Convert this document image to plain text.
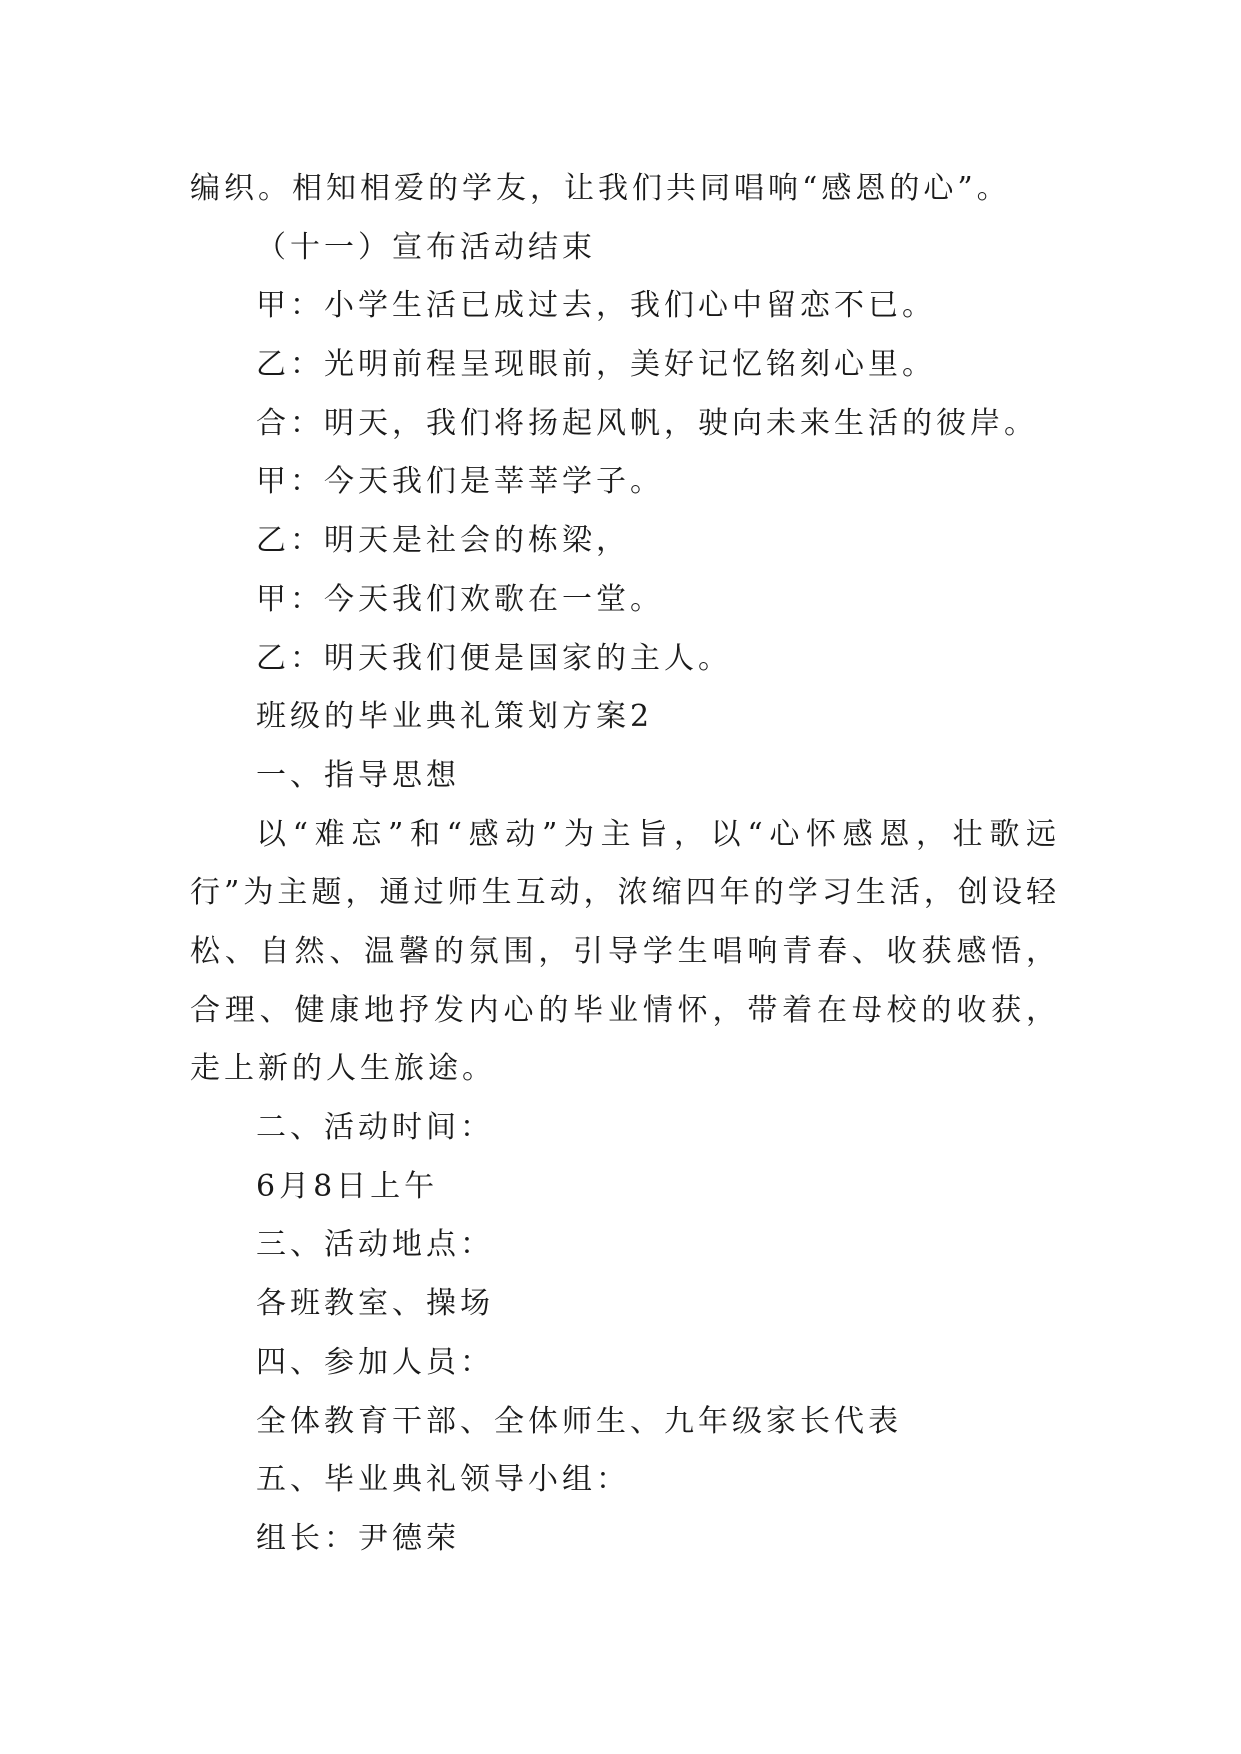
编织。相知相爱的学友，让我们共同唱响“感恩的心”。
（十一）宣布活动结束
甲：小学生活已成过去，我们心中留恋不已。
乙：光明前程呈现眼前，美好记忆铭刻心里。
合：明天，我们将扬起风帆，驶向未来生活的彼岸。
甲：今天我们是莘莘学子。
乙：明天是社会的栋梁，
甲：今天我们欢歌在一堂。
乙：明天我们便是国家的主人。
班级的毕业典礼策划方案2
一、指导思想
以“难忘”和“感动”为主旨，以“心怀感恩，壮歌远行”为主题，通过师生互动，浓缩四年的学习生活，创设轻松、自然、温馨的氛围，引导学生唱响青春、收获感悟，合理、健康地抒发内心的毕业情怀，带着在母校的收获，走上新的人生旅途。
二、活动时间：
6月8日上午
三、活动地点：
各班教室、操场
四、参加人员：
全体教育干部、全体师生、九年级家长代表
五、毕业典礼领导小组：
组长：尹德荣
